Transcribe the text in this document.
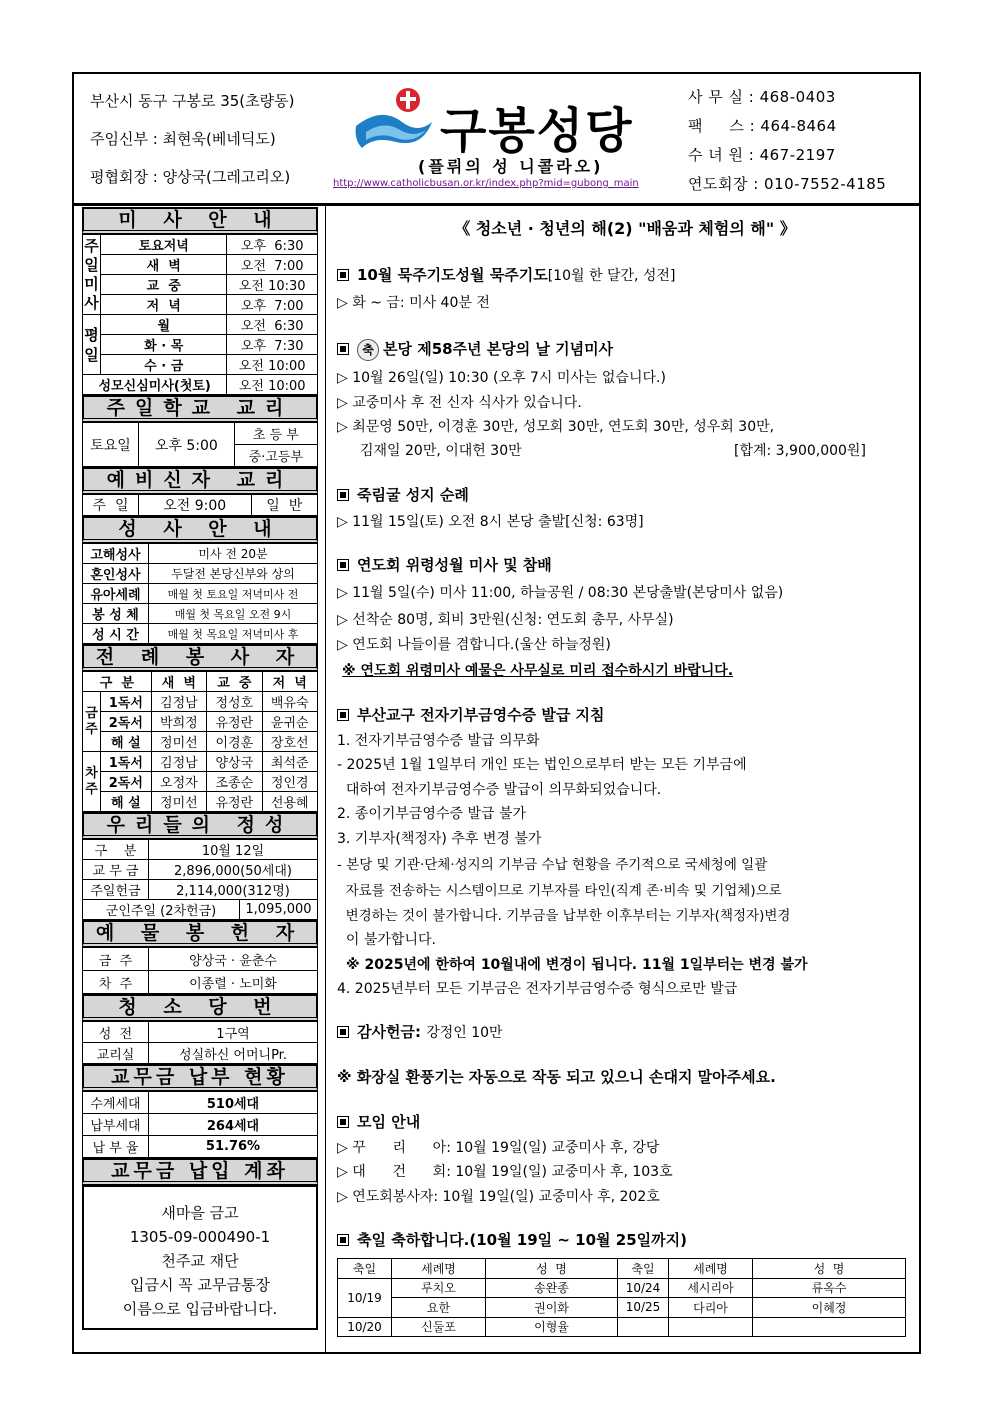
부산시 동구 구봉로 35(초량동)
주임신부 : 최현욱(베네딕도)
평협회장 : 양상국(그레고리오)
구봉성당
(플뤼의 성 니콜라오)
http://www.catholicbusan.or.kr/index.php?mid=gubong_main
사 무 실 : 468-0403
팩     스 : 464-8464
수 녀 원 : 467-2197
연도회장 : 010-7552-4185
미 사 안 내
주
일
미
사	토요저녁	오후  6:30
	새  벽	오전  7:00
	교  중	오전 10:30
	저  녁	오후  7:00
평
일	월	오전  6:30
	화 · 목	오후  7:30
	수 · 금	오전 10:00
성모신심미사(첫토)		오전 10:00
주일학교 교리
토요일	오후 5:00	초 등 부
중·고등부
예비신자 교리
주  일	오전 9:00	일  반
성 사 안 내
고해성사	미사 전 20분
혼인성사	두달전 본당신부와 상의
유아세례	매월 첫 토요일 저녁미사 전
봉 성 체	매월 첫 목요일 오전 9시
성 시 간	매월 첫 목요일 저녁미사 후
전 례 봉 사 자
구  분		새  벽	교  중	저  녁
금주	1독서	김정남	정성호	백유숙
	2독서	박희정	유정란	윤귀순
	해 설	정미선	이경훈	장호선
차주	1독서	김정남	양상국	최석준
	2독서	오정자	조종순	정인경
	해 설	정미선	유정란	선용혜
우리들의 정성
구    분	10월 12일	
교 무 금	2,896,000(50세대)	
주일헌금	2,114,000(312명)	
군인주일 (2차헌금)		1,095,000
예 물 봉 헌 자
금  주	양상국 · 윤춘수
차  주	이종렬 · 노미화
청 소 당 번
성  전	1구역
교리실	성실하신 어머니Pr.
교무금 납부 현황
수계세대	510세대
납부세대	264세대
납 부 율	51.76%
교무금 납입 계좌
새마을 금고
1305-09-000490-1
천주교 재단
입금시 꼭 교무금통장
이름으로 입금바랍니다.
《 청소년 · 청년의 해(2) "배움과 체험의 해" 》
10월 묵주기도성월 묵주기도[10월 한 달간, 성전]
▷ 화 ~ 금: 미사 40분 전
축 본당 제58주년 본당의 날 기념미사
▷ 10월 26일(일) 10:30 (오후 7시 미사는 없습니다.)
▷ 교중미사 후 전 신자 식사가 있습니다.
▷ 최문영 50만, 이경훈 30만, 성모회 30만, 연도회 30만, 성우회 30만,
김재일 20만, 이대헌 30만	[합계: 3,900,000원]
죽림굴 성지 순례
▷ 11월 15일(토) 오전 8시 본당 출발[신청: 63명]
연도회 위령성월 미사 및 참배
▷ 11월 5일(수) 미사 11:00, 하늘공원 / 08:30 본당출발(본당미사 없음)
▷ 선착순 80명, 회비 3만원(신청: 연도회 총무, 사무실)
▷ 연도회 나들이를 겸합니다.(울산 하늘정원)
※ 연도회 위령미사 예물은 사무실로 미리 접수하시기 바랍니다.
부산교구 전자기부금영수증 발급 지침
1. 전자기부금영수증 발급 의무화
- 2025년 1월 1일부터 개인 또는 법인으로부터 받는 모든 기부금에
대하여 전자기부금영수증 발급이 의무화되었습니다.
2. 종이기부금영수증 발급 불가
3. 기부자(책정자) 추후 변경 불가
- 본당 및 기관·단체·성지의 기부금 수납 현황을 주기적으로 국세청에 일괄
자료를 전송하는 시스템이므로 기부자를 타인(직계 존·비속 및 기업체)으로
변경하는 것이 불가합니다. 기부금을 납부한 이후부터는 기부자(책정자)변경
이 불가합니다.
※ 2025년에 한하여 10월내에 변경이 됩니다. 11월 1일부터는 변경 불가
4. 2025년부터 모든 기부금은 전자기부금영수증 형식으로만 발급
감사헌금: 강정인 10만
※ 화장실 환풍기는 자동으로 작동 되고 있으니 손대지 말아주세요.
모임 안내
▷ 꾸      리      아: 10월 19일(일) 교중미사 후, 강당
▷ 대      건      회: 10월 19일(일) 교중미사 후, 103호
▷ 연도회봉사자: 10월 19일(일) 교중미사 후, 202호
축일 축하합니다.(10월 19일 ~ 10월 25일까지)
축일	세례명	성  명	축일	세례명	성  명
10/19	루치오	송완종	10/24	세시리아	류옥수
	요한	권이화	10/25	다리아	이혜정
10/20	신둘포	이형율			
